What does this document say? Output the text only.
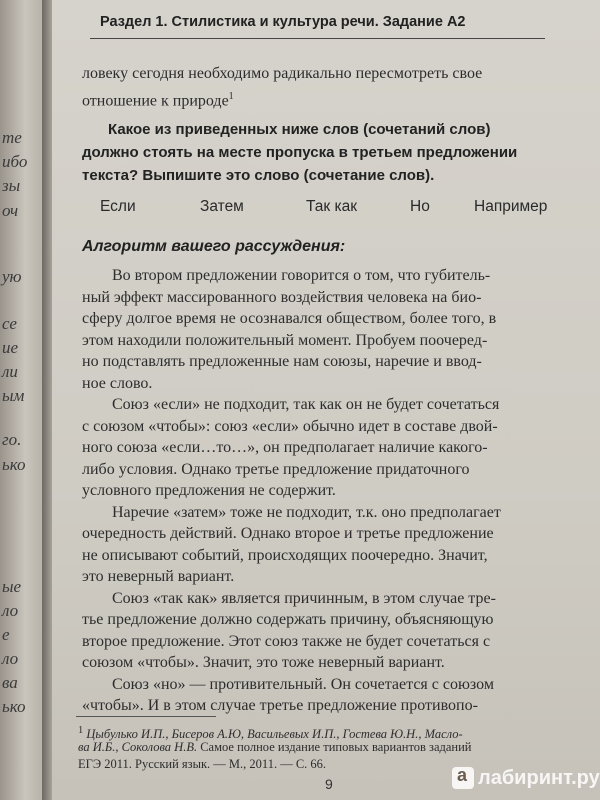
те
ибо
зы
оч
ую
се
ие
ли
ым
го.
ько
ые
ло
е
ло
ва
ько
Раздел 1. Стилистика и культура речи. Задание А2
ловеку сегодня необходимо радикально пересмотреть свое
отношение к природе$^1$
Какое из приведенных ниже слов (сочетаний слов)
должно стоять на месте пропуска в третьем предложении
текста? Выпишите это слово (сочетание слов).
Если	Затем	Так как	Но	Например
Алгоритм вашего рассуждения:
Во втором предложении говорится о том, что губитель-
ный эффект массированного воздействия человека на био-
сферу долгое время не осознавался обществом, более того, в
этом находили положительный момент. Пробуем поочеред-
но подставлять предложенные нам союзы, наречие и ввод-
ное слово.
Союз «если» не подходит, так как он не будет сочетаться
с союзом «чтобы»: союз «если» обычно идет в составе двой-
ного союза «если…то…», он предполагает наличие какого-
либо условия. Однако третье предложение придаточного
условного предложения не содержит.
Наречие «затем» тоже не подходит, т.к. оно предполагает
очередность действий. Однако второе и третье предложение
не описывают событий, происходящих поочередно. Значит,
это неверный вариант.
Союз «так как» является причинным, в этом случае тре-
тье предложение должно содержать причину, объясняющую
второе предложение. Этот союз также не будет сочетаться с
союзом «чтобы». Значит, это тоже неверный вариант.
$^1$ Цыбулько И.П., Бисеров А.Ю, Васильевых И.П., Гостева Ю.Н., Масло-
ва И.Б., Соколова Н.В. Самое полное издание типовых вариантов заданий
ЕГЭ 2011. Русский язык. — М., 2011. — С. 66.
9
a	лабиринт.ру
Союз «но» — противительный. Он сочетается с союзом
«чтобы». И в этом случае третье предложение противопо-
